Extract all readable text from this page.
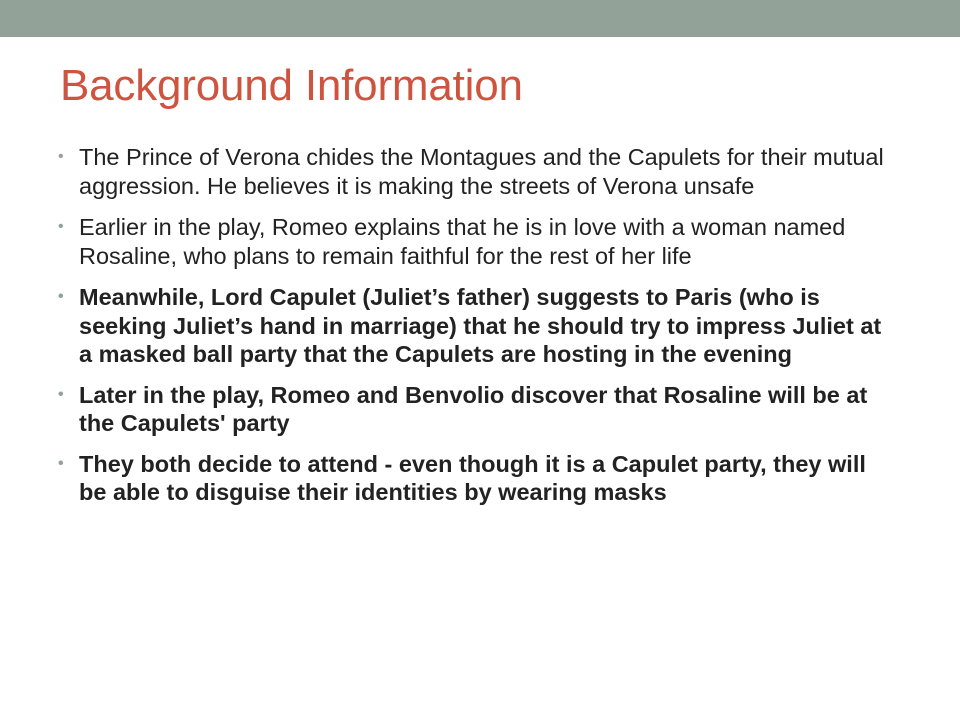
Background Information
• The Prince of Verona chides the Montagues and the Capulets for their mutual aggression. He believes it is making the streets of Verona unsafe
• Earlier in the play, Romeo explains that he is in love with a woman named Rosaline, who plans to remain faithful for the rest of her life
• Meanwhile, Lord Capulet (Juliet’s father) suggests to Paris (who is seeking Juliet’s hand in marriage) that he should try to impress Juliet at a masked ball party that the Capulets are hosting in the evening
• Later in the play, Romeo and Benvolio discover that Rosaline will be at the Capulets' party
• They both decide to attend - even though it is a Capulet party, they will be able to disguise their identities by wearing masks
